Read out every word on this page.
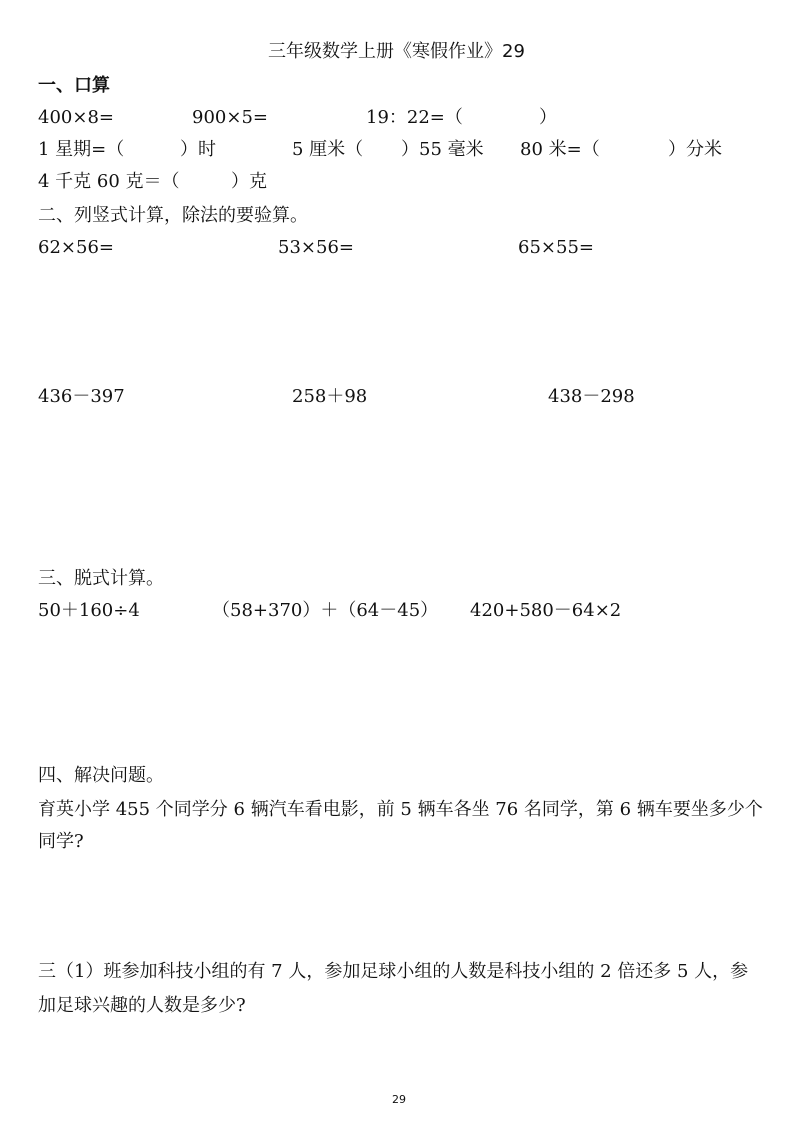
三年级数学上册《寒假作业》29
一、口算
400×8=	900×5=	19：22=（	）
1 星期=（	）时	5 厘米（ ）55 毫米 80 米=（	）分米
4 千克 60 克＝（	）克
二、列竖式计算，除法的要验算。
62×56=	53×56=	65×55=
436－397	258＋98	438－298
三、脱式计算。
50＋160÷4	（58+370）＋（64－45） 420+580－64×2
四、解决问题。
育英小学 455 个同学分 6 辆汽车看电影，前 5 辆车各坐 76 名同学，第 6 辆车要坐多少个
同学?
三（1）班参加科技小组的有 7 人，参加足球小组的人数是科技小组的 2 倍还多 5 人，参
加足球兴趣的人数是多少?
29
